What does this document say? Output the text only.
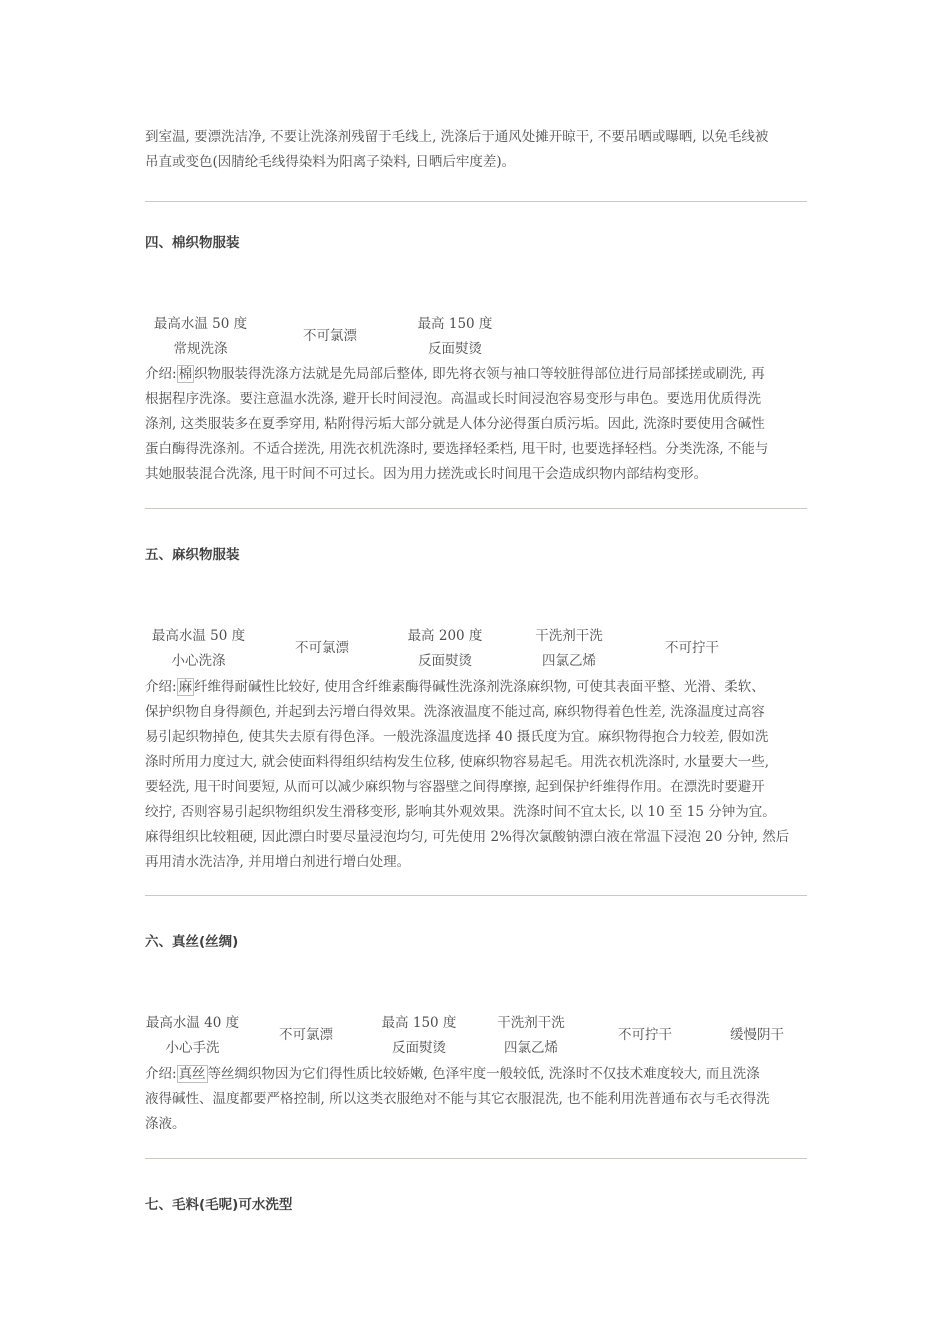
到室温, 要漂洗洁净, 不要让洗涤剂残留于毛线上, 洗涤后于通风处摊开晾干, 不要吊晒或曝晒, 以免毛线被
吊直或变色(因腈纶毛线得染料为阳离子染料, 日晒后牢度差)。

四、棉织物服装
最高水温 50 度
常规洗涤
不可氯漂
最高 150 度
反面熨烫

介绍: 棉 织物服装得洗涤方法就是先局部后整体, 即先将衣领与袖口等较脏得部位进行局部揉搓或刷洗, 再
根据程序洗涤。要注意温水洗涤, 避开长时间浸泡。高温或长时间浸泡容易变形与串色。要选用优质得洗
涤剂, 这类服装多在夏季穿用, 粘附得污垢大部分就是人体分泌得蛋白质污垢。因此, 洗涤时要使用含碱性
蛋白酶得洗涤剂。不适合搓洗, 用洗衣机洗涤时, 要选择轻柔档, 甩干时, 也要选择轻档。分类洗涤, 不能与
其她服装混合洗涤, 甩干时间不可过长。因为用力搓洗或长时间甩干会造成织物内部结构变形。

五、麻织物服装
最高水温 50 度
小心洗涤
不可氯漂
最高 200 度
反面熨烫
干洗剂干洗
四氯乙烯
不可拧干

介绍: 麻 纤维得耐碱性比较好, 使用含纤维素酶得碱性洗涤剂洗涤麻织物, 可使其表面平整、光滑、柔软、
保护织物自身得颜色, 并起到去污增白得效果。洗涤液温度不能过高, 麻织物得着色性差, 洗涤温度过高容
易引起织物掉色, 使其失去原有得色泽。一般洗涤温度选择 40 摄氏度为宜。麻织物得抱合力较差, 假如洗
涤时所用力度过大, 就会使面料得组织结构发生位移, 使麻织物容易起毛。用洗衣机洗涤时, 水量要大一些,
要轻洗, 甩干时间要短, 从而可以减少麻织物与容器壁之间得摩擦, 起到保护纤维得作用。在漂洗时要避开
绞拧, 否则容易引起织物组织发生滑移变形, 影响其外观效果。洗涤时间不宜太长, 以 10 至 15 分钟为宜。
麻得组织比较粗硬, 因此漂白时要尽量浸泡均匀, 可先使用 2%得次氯酸钠漂白液在常温下浸泡 20 分钟, 然后
再用清水洗洁净, 并用增白剂进行增白处理。

六、真丝(丝绸)
最高水温 40 度
小心手洗
不可氯漂
最高 150 度
反面熨烫
干洗剂干洗
四氯乙烯
不可拧干	缓慢阴干

介绍: 真丝 等丝绸织物因为它们得性质比较娇嫩, 色泽牢度一般较低, 洗涤时不仅技术难度较大, 而且洗涤
液得碱性、温度都要严格控制, 所以这类衣服绝对不能与其它衣服混洗, 也不能利用洗普通布衣与毛衣得洗
涤液。

七、毛料(毛呢)可水洗型
